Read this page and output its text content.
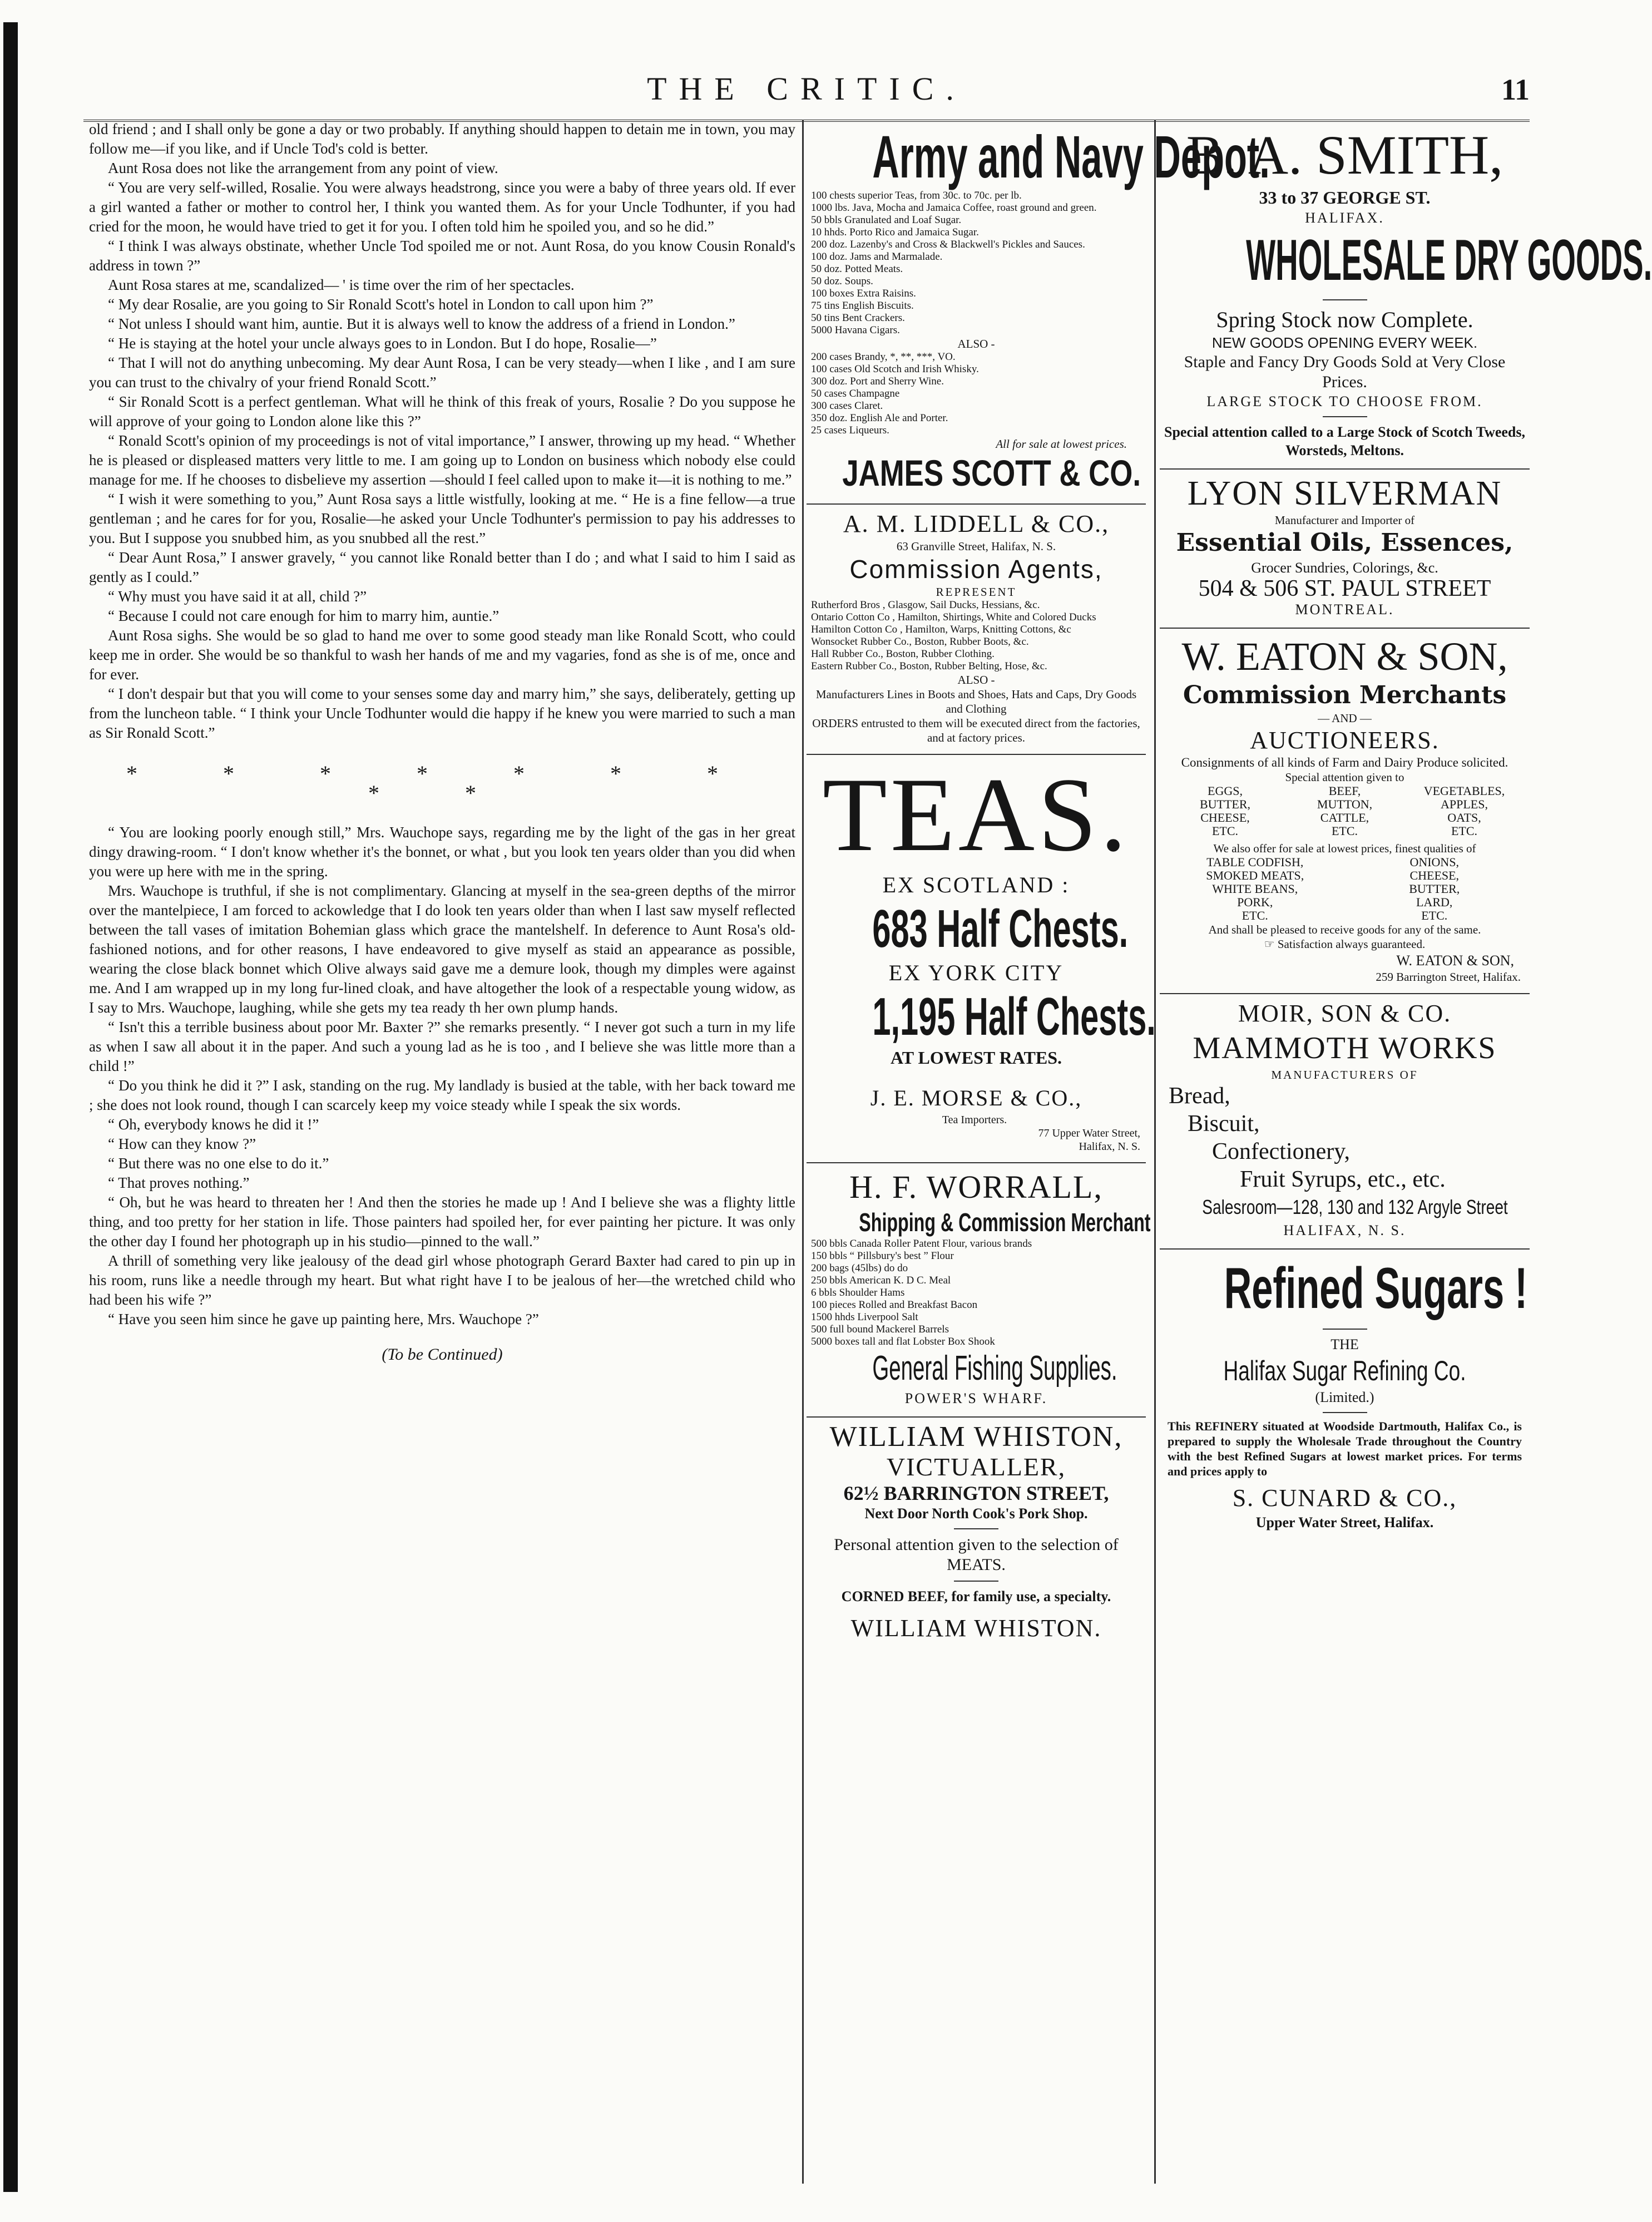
THE CRITIC.	11

old friend ; and I shall only be gone a day or two probably. If anything should happen to detain me in town, you may follow me—if you like, and if Uncle Tod's cold is better.

Aunt Rosa does not like the arrangement from any point of view.

“ You are very self-willed, Rosalie. You were always headstrong, since you were a baby of three years old. If ever a girl wanted a father or mother to control her, I think you wanted them. As for your Uncle Todhunter, if you had cried for the moon, he would have tried to get it for you. I often told him he spoiled you, and so he did.”

“ I think I was always obstinate, whether Uncle Tod spoiled me or not. Aunt Rosa, do you know Cousin Ronald's address in town ?”

Aunt Rosa stares at me, scandalized— ' is time over the rim of her spectacles.

“ My dear Rosalie, are you going to Sir Ronald Scott's hotel in London to call upon him ?”

“ Not unless I should want him, auntie. But it is always well to know the address of a friend in London.”

“ He is staying at the hotel your uncle always goes to in London. But I do hope, Rosalie—”

“ That I will not do anything unbecoming. My dear Aunt Rosa, I can be very steady—when I like , and I am sure you can trust to the chivalry of your friend Ronald Scott.”

“ Sir Ronald Scott is a perfect gentleman. What will he think of this freak of yours, Rosalie ? Do you suppose he will approve of your going to London alone like this ?”

“ Ronald Scott's opinion of my proceedings is not of vital importance,” I answer, throwing up my head. “ Whether he is pleased or displeased matters very little to me. I am going up to London on business which nobody else could manage for me. If he chooses to disbelieve my assertion —should I feel called upon to make it—it is nothing to me.”

“ I wish it were something to you,” Aunt Rosa says a little wistfully, looking at me. “ He is a fine fellow—a true gentleman ; and he cares for for you, Rosalie—he asked your Uncle Todhunter's permission to pay his addresses to you. But I suppose you snubbed him, as you snubbed all the rest.”

“ Dear Aunt Rosa,” I answer gravely, “ you cannot like Ronald better than I do ; and what I said to him I said as gently as I could.”

“ Why must you have said it at all, child ?”

“ Because I could not care enough for him to marry him, auntie.”

Aunt Rosa sighs. She would be so glad to hand me over to some good steady man like Ronald Scott, who could keep me in order. She would be so thankful to wash her hands of me and my vagaries, fond as she is of me, once and for ever.

“ I don't despair but that you will come to your senses some day and marry him,” she says, deliberately, getting up from the luncheon table. “ I think your Uncle Todhunter would die happy if he knew you were married to such a man as Sir Ronald Scott.”

* * * * * * * * *

“ You are looking poorly enough still,” Mrs. Wauchope says, regarding me by the light of the gas in her great dingy drawing-room. “ I don't know whether it's the bonnet, or what , but you look ten years older than you did when you were up here with me in the spring.

Mrs. Wauchope is truthful, if she is not complimentary. Glancing at myself in the sea-green depths of the mirror over the mantelpiece, I am forced to ackowledge that I do look ten years older than when I last saw myself reflected between the tall vases of imitation Bohemian glass which grace the mantelshelf. In deference to Aunt Rosa's old-fashioned notions, and for other reasons, I have endeavored to give myself as staid an appearance as possible, wearing the close black bonnet which Olive always said gave me a demure look, though my dimples were against me. And I am wrapped up in my long fur-lined cloak, and have altogether the look of a respectable young widow, as I say to Mrs. Wauchope, laughing, while she gets my tea ready th her own plump hands.

“ Isn't this a terrible business about poor Mr. Baxter ?” she remarks presently. “ I never got such a turn in my life as when I saw all about it in the paper. And such a young lad as he is too , and I believe she was little more than a child !”

“ Do you think he did it ?” I ask, standing on the rug. My landlady is busied at the table, with her back toward me ; she does not look round, though I can scarcely keep my voice steady while I speak the six words.

“ Oh, everybody knows he did it !”

“ How can they know ?”

“ But there was no one else to do it.”

“ That proves nothing.”

“ Oh, but he was heard to threaten her ! And then the stories he made up ! And I believe she was a flighty little thing, and too pretty for her station in life. Those painters had spoiled her, for ever painting her picture. It was only the other day I found her photograph up in his studio—pinned to the wall.”

A thrill of something very like jealousy of the dead girl whose photograph Gerard Baxter had cared to pin up in his room, runs like a needle through my heart. But what right have I to be jealous of her—the wretched child who had been his wife ?”

“ Have you seen him since he gave up painting here, Mrs. Wauchope ?”

(To be Continued)
Army and Navy Depot.
100 chests superior Teas, from 30c. to 70c. per lb.
1000 lbs. Java, Mocha and Jamaica Coffee, roast ground and green.
50 bbls Granulated and Loaf Sugar.
10 hhds. Porto Rico and Jamaica Sugar.
200 doz. Lazenby's and Cross & Blackwell's Pickles and Sauces.
100 doz. Jams and Marmalade.
50 doz. Potted Meats.
50 doz. Soups.
100 boxes Extra Raisins.
75 tins English Biscuits.
50 tins Bent Crackers.
5000 Havana Cigars.
ALSO -
200 cases Brandy, *, **, ***, VO.
100 cases Old Scotch and Irish Whisky.
300 doz. Port and Sherry Wine.
50 cases Champagne
300 cases Claret.
350 doz. English Ale and Porter.
25 cases Liqueurs.
All for sale at lowest prices.
JAMES SCOTT & CO.
A. M. LIDDELL & CO.,
63 Granville Street, Halifax, N. S.
Commission Agents,
REPRESENT
Rutherford Bros , Glasgow, Sail Ducks, Hessians, &c.
Ontario Cotton Co , Hamilton, Shirtings, White and Colored Ducks
Hamilton Cotton Co , Hamilton, Warps, Knitting Cottons, &c
Wonsocket Rubber Co., Boston, Rubber Boots, &c.
Hall Rubber Co., Boston, Rubber Clothing.
Eastern Rubber Co., Boston, Rubber Belting, Hose, &c.
ALSO -
Manufacturers Lines in Boots and Shoes, Hats and Caps, Dry Goods and Clothing
ORDERS entrusted to them will be executed direct from the factories, and at factory prices.
TEAS.
EX SCOTLAND :
683 Half Chests.
EX YORK CITY
1,195 Half Chests.
AT LOWEST RATES.
J. E. MORSE & CO.,
Tea Importers.
77 Upper Water Street,
Halifax, N. S.
H. F. WORRALL,
Shipping & Commission Merchant
500 bbls Canada Roller Patent Flour, various brands
150 bbls “ Pillsbury's best ” Flour
200 bags (45lbs) do do
250 bbls American K. D C. Meal
6 bbls Shoulder Hams
100 pieces Rolled and Breakfast Bacon
1500 hhds Liverpool Salt
500 full bound Mackerel Barrels
5000 boxes tall and flat Lobster Box Shook
General Fishing Supplies.
POWER'S WHARF.
WILLIAM WHISTON,
VICTUALLER,
62½ BARRINGTON STREET,
Next Door North Cook's Pork Shop.
Personal attention given to the selection of MEATS.
CORNED BEEF, for family use, a specialty.
WILLIAM WHISTON.
B. A. SMITH,
33 to 37 GEORGE ST.
HALIFAX.
WHOLESALE DRY GOODS.
Spring Stock now Complete.
NEW GOODS OPENING EVERY WEEK.
Staple and Fancy Dry Goods Sold at Very Close Prices.
LARGE STOCK TO CHOOSE FROM.
Special attention called to a Large Stock of Scotch Tweeds, Worsteds, Meltons.
LYON SILVERMAN
Manufacturer and Importer of
Essential Oils, Essences,
Grocer Sundries, Colorings, &c.
504 & 506 ST. PAUL STREET
MONTREAL.
W. EATON & SON,
Commission Merchants
— AND —
AUCTIONEERS.
Consignments of all kinds of Farm and Dairy Produce solicited.
Special attention given to
EGGS,	BEEF,	VEGETABLES,
BUTTER,	MUTTON,	APPLES,
CHEESE,	CATTLE,	OATS,
ETC.	ETC.	ETC.
We also offer for sale at lowest prices, finest qualities of
TABLE CODFISH,	ONIONS,
SMOKED MEATS,	CHEESE,
WHITE BEANS,	BUTTER,
PORK,	LARD,
ETC.	ETC.
And shall be pleased to receive goods for any of the same.
☞ Satisfaction always guaranteed.
W. EATON & SON,
259 Barrington Street, Halifax.
MOIR, SON & CO.
MAMMOTH WORKS
MANUFACTURERS OF
Bread,
Biscuit,
Confectionery,
Fruit Syrups, etc., etc.
Salesroom—128, 130 and 132 Argyle Street
HALIFAX, N. S.
Refined Sugars !
THE
Halifax Sugar Refining Co.
(Limited.)
This REFINERY situated at Woodside Dartmouth, Halifax Co., is prepared to supply the Wholesale Trade throughout the Country with the best Refined Sugars at lowest market prices. For terms and prices apply to
S. CUNARD & CO.,
Upper Water Street, Halifax.
